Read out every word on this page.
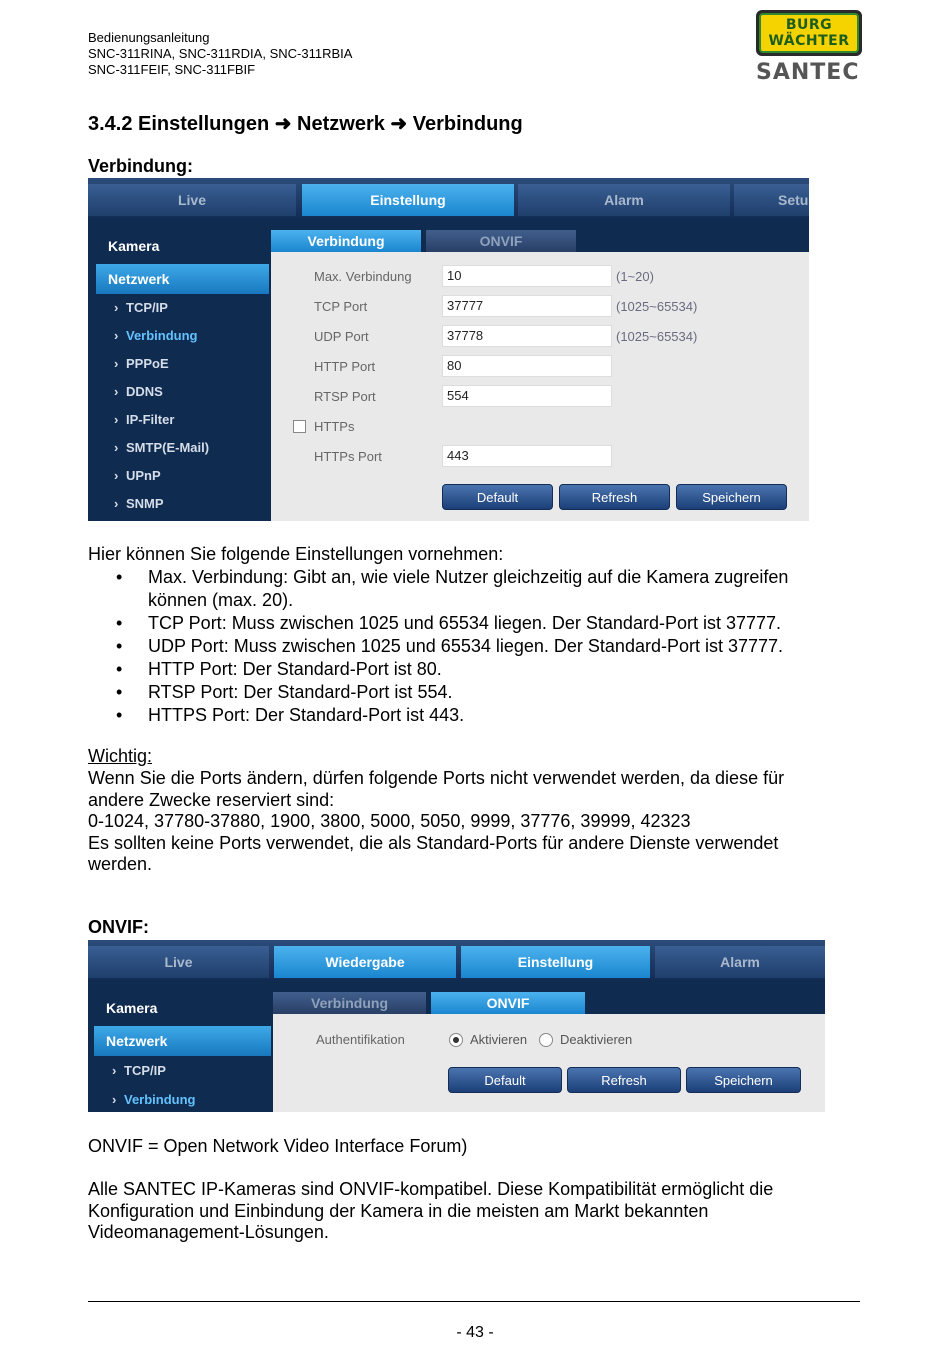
Bedienungsanleitung
SNC-311RINA, SNC-311RDIA, SNC-311RBIA
SNC-311FEIF, SNC-311FBIF
BURG
WÄCHTER
SANTEC
3.4.2 Einstellungen ➜ Netzwerk ➜ Verbindung
Verbindung:
Live	Einstellung	Alarm	Setu
Kamera
Netzwerk
› TCP/IP
› Verbindung
› PPPoE
› DDNS
› IP-Filter
› SMTP(E-Mail)
› UPnP
› SNMP
Verbindung	ONVIF
Max. Verbindung	10	(1~20)
TCP Port	37777	(1025~65534)
UDP Port	37778	(1025~65534)
HTTP Port	80
RTSP Port	554
HTTPs
HTTPs Port	443
Default	Refresh	Speichern
Hier können Sie folgende Einstellungen vornehmen:
• Max. Verbindung: Gibt an, wie viele Nutzer gleichzeitig auf die Kamera zugreifen können (max. 20).
• TCP Port: Muss zwischen 1025 und 65534 liegen. Der Standard-Port ist 37777.
• UDP Port: Muss zwischen 1025 und 65534 liegen. Der Standard-Port ist 37777.
• HTTP Port: Der Standard-Port ist 80.
• RTSP Port: Der Standard-Port ist 554.
• HTTPS Port: Der Standard-Port ist 443.
Wichtig:
Wenn Sie die Ports ändern, dürfen folgende Ports nicht verwendet werden, da diese für
andere Zwecke reserviert sind:
0-1024, 37780-37880, 1900, 3800, 5000, 5050, 9999, 37776, 39999, 42323
Es sollten keine Ports verwendet, die als Standard-Ports für andere Dienste verwendet
werden.
ONVIF:
Live	Wiedergabe	Einstellung	Alarm
Kamera
Netzwerk
› TCP/IP
› Verbindung
Verbindung	ONVIF
Authentifikation	Aktivieren	Deaktivieren
Default	Refresh	Speichern
ONVIF = Open Network Video Interface Forum)
Alle SANTEC IP-Kameras sind ONVIF-kompatibel. Diese Kompatibilität ermöglicht die
Konfiguration und Einbindung der Kamera in die meisten am Markt bekannten
Videomanagement-Lösungen.
- 43 -
